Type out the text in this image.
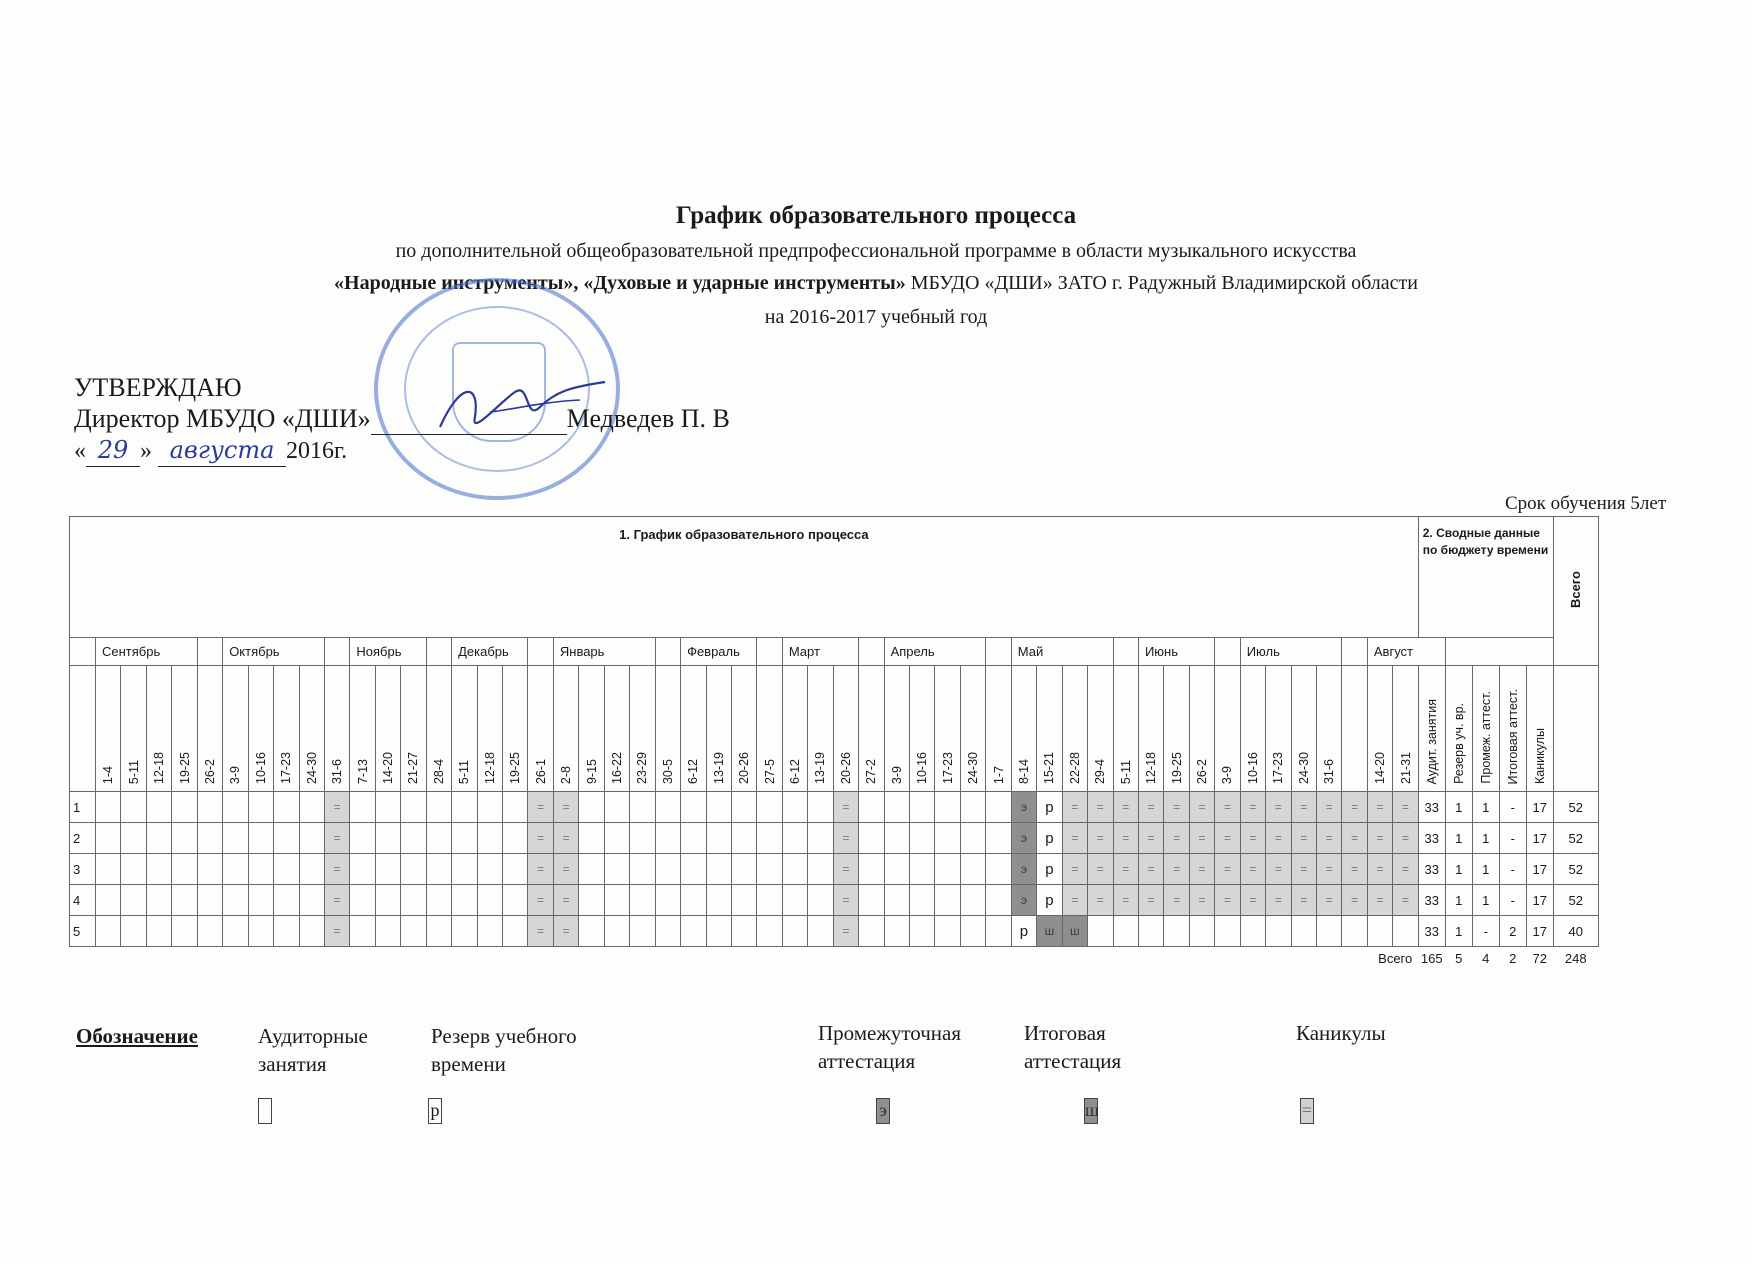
График образовательного процесса
по дополнительной общеобразовательной предпрофессиональной программе в области музыкального искусства
«Народные инструменты», «Духовые и ударные инструменты» МБУДО «ДШИ» ЗАТО г. Радужный Владимирской области
на 2016-2017 учебный год
УТВЕРЖДАЮ
Директор МБУДО «ДШИ»	Медведев П. В
« 29 » августа 2016г.
Срок обучения 5лет
1. График образовательного процесса																																																					2. Сводные данные по бюджету времени					Всего
	Сентябрь					Октябрь					Ноябрь				Декабрь				Январь					Февраль				Март				Апрель					Май					Июнь				Июль					Август							
	1-4	5-11	12-18	19-25	26-2	3-9	10-16	17-23	24-30	31-6	7-13	14-20	21-27	28-4	5-11	12-18	19-25	26-1	2-8	9-15	16-22	23-29	30-5	6-12	13-19	20-26	27-5	6-12	13-19	20-26	27-2	3-9	10-16	17-23	24-30	1-7	8-14	15-21	22-28	29-4	5-11	12-18	19-25	26-2	3-9	10-16	17-23	24-30	31-6		14-20	21-31	Аудит. занятия	Резерв уч. вр.	Промеж. аттест.	Итоговая аттест.	Каникулы	
1										=								=	=											=							э	р	=	=	=	=	=	=	=	=	=	=	=	=	=	=	33	1	1	-	17	52
2										=								=	=											=							э	р	=	=	=	=	=	=	=	=	=	=	=	=	=	=	33	1	1	-	17	52
3										=								=	=											=							э	р	=	=	=	=	=	=	=	=	=	=	=	=	=	=	33	1	1	-	17	52
4										=								=	=											=							э	р	=	=	=	=	=	=	=	=	=	=	=	=	=	=	33	1	1	-	17	52
5										=								=	=											=							р	ш	ш														33	1	-	2	17	40
Всего																																																					165	5	4	2	72	248
Обозначение	Аудиторные
занятия
Резерв учебного
времени
р
Промежуточная
аттестация
э
Итоговая
аттестация
ш
Каникулы
=
